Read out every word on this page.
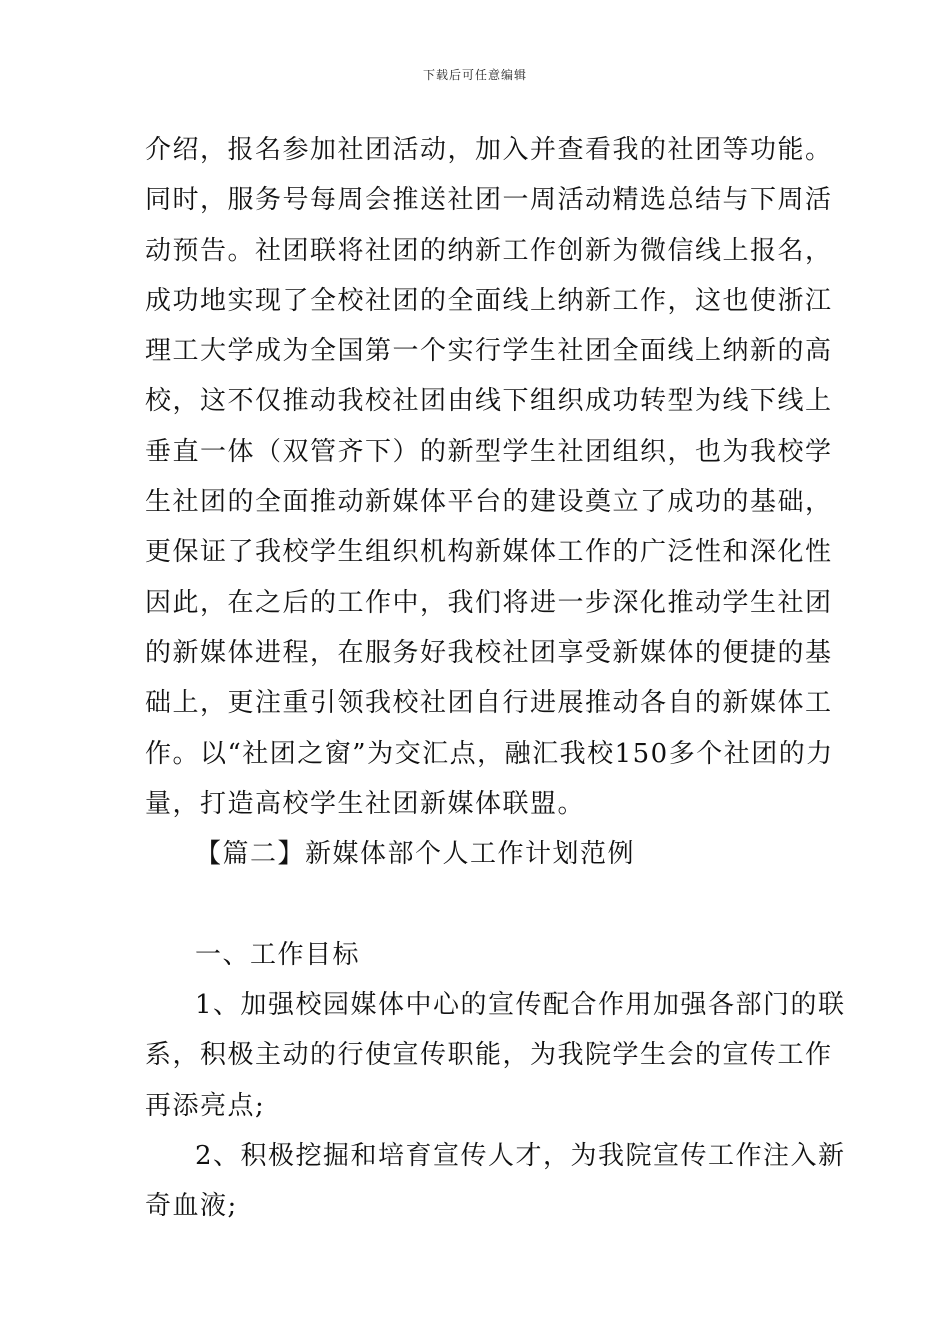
下载后可任意编辑
介绍，报名参加社团活动，加入并查看我的社团等功能。
同时，服务号每周会推送社团一周活动精选总结与下周活
动预告。社团联将社团的纳新工作创新为微信线上报名，
成功地实现了全校社团的全面线上纳新工作，这也使浙江
理工大学成为全国第一个实行学生社团全面线上纳新的高
校，这不仅推动我校社团由线下组织成功转型为线下线上
垂直一体（双管齐下）的新型学生社团组织，也为我校学
生社团的全面推动新媒体平台的建设奠立了成功的基础，
更保证了我校学生组织机构新媒体工作的广泛性和深化性
因此，在之后的工作中，我们将进一步深化推动学生社团
的新媒体进程，在服务好我校社团享受新媒体的便捷的基
础上，更注重引领我校社团自行进展推动各自的新媒体工
作。以“社团之窗”为交汇点，融汇我校150多个社团的力
量，打造高校学生社团新媒体联盟。
【篇二】新媒体部个人工作计划范例
一、工作目标
1、加强校园媒体中心的宣传配合作用加强各部门的联
系，积极主动的行使宣传职能，为我院学生会的宣传工作
再添亮点;
2、积极挖掘和培育宣传人才，为我院宣传工作注入新
奇血液;
